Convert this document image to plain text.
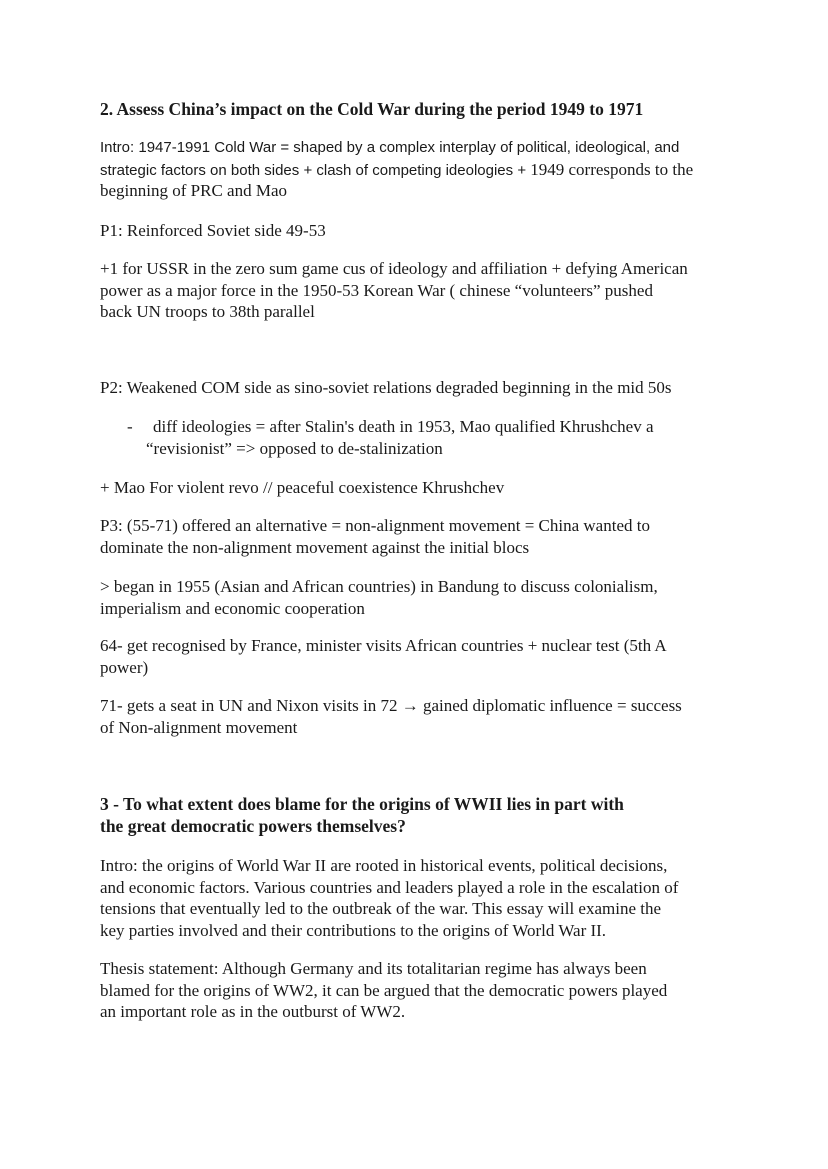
2. Assess China’s impact on the Cold War during the period 1949 to 1971
Intro: 1947-1991 Cold War = shaped by a complex interplay of political, ideological, and
strategic factors on both sides + clash of competing ideologies + 1949 corresponds to the
beginning of PRC and Mao
P1: Reinforced Soviet side 49-53
+1 for USSR in the zero sum game cus of ideology and affiliation + defying American
power as a major force in the 1950-53 Korean War ( chinese “volunteers” pushed
back UN troops to 38th parallel
P2: Weakened COM side as sino-soviet relations degraded beginning in the mid 50s
- diff ideologies = after Stalin's death in 1953, Mao qualified Khrushchev a
“revisionist” => opposed to de-stalinization
+ Mao For violent revo // peaceful coexistence Khrushchev
P3: (55-71) offered an alternative = non-alignment movement = China wanted to
dominate the non-alignment movement against the initial blocs
> began in 1955 (Asian and African countries) in Bandung to discuss colonialism,
imperialism and economic cooperation
64- get recognised by France, minister visits African countries + nuclear test (5th A
power)
71- gets a seat in UN and Nixon visits in 72 → gained diplomatic influence = success
of Non-alignment movement
3 - To what extent does blame for the origins of WWII lies in part with
the great democratic powers themselves?
Intro: the origins of World War II are rooted in historical events, political decisions,
and economic factors. Various countries and leaders played a role in the escalation of
tensions that eventually led to the outbreak of the war. This essay will examine the
key parties involved and their contributions to the origins of World War II.
Thesis statement: Although Germany and its totalitarian regime has always been
blamed for the origins of WW2, it can be argued that the democratic powers played
an important role as in the outburst of WW2.
